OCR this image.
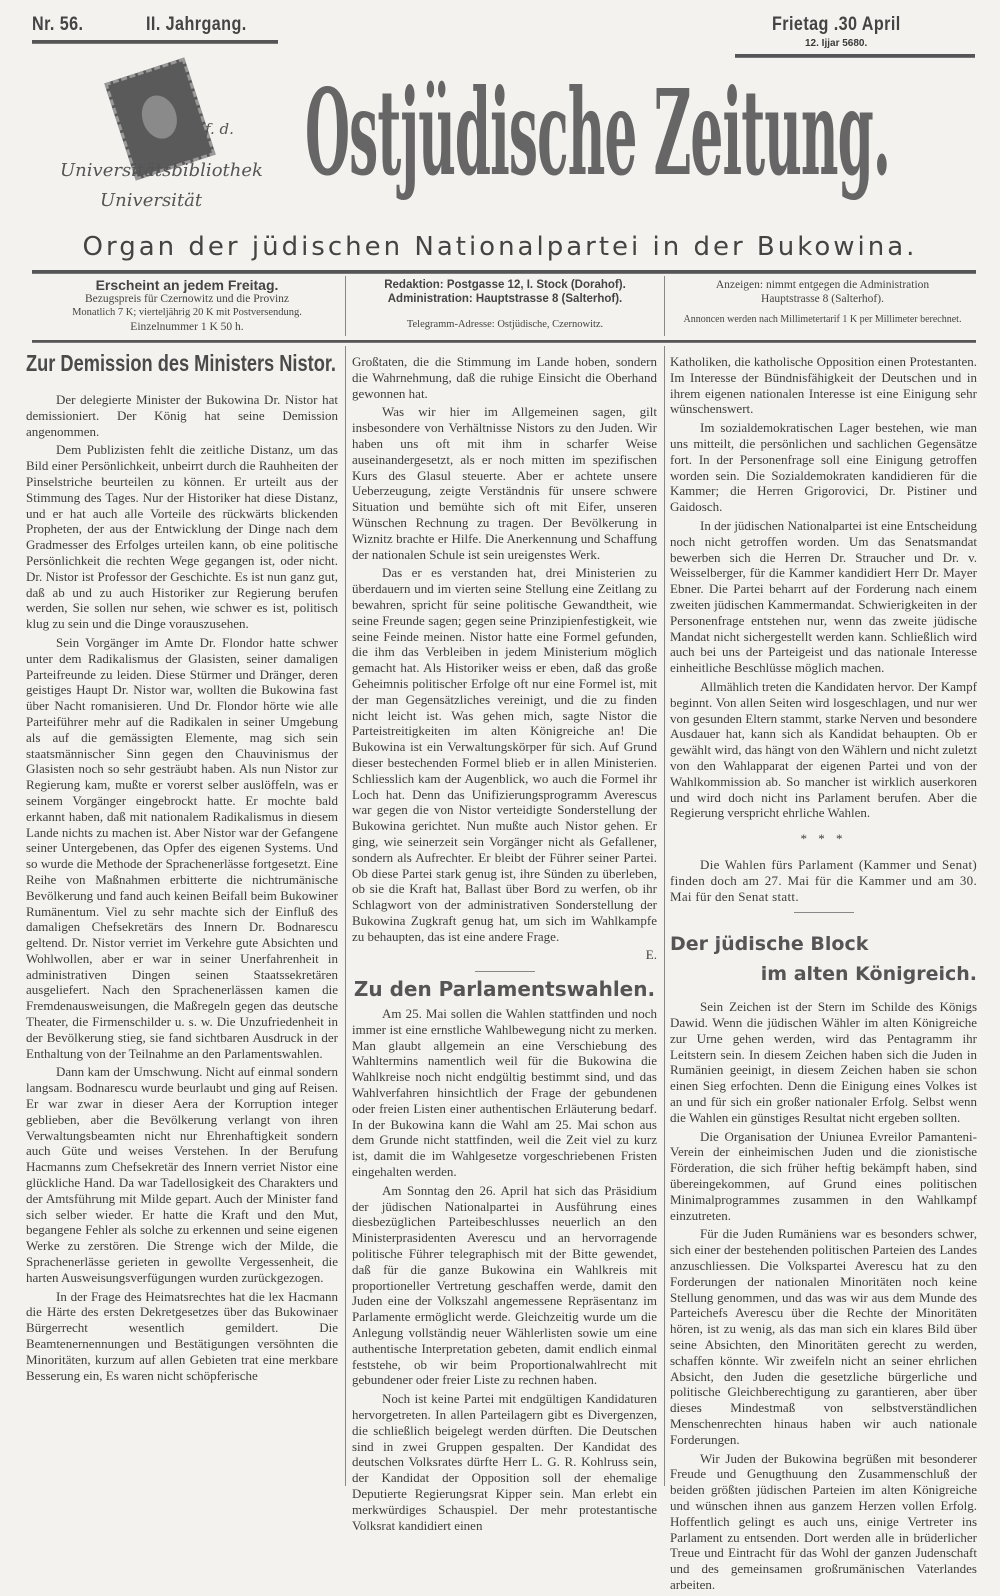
Nr. 56.	II. Jahrgang.	Frietag .30 April
12. Ijjar 5680.
Ostjüdische Zeitung.
f. d.
Universitätsbibliothek
Universität
Organ der jüdischen Nationalpartei in der Bukowina.
Erscheint an jedem Freitag.
Bezugspreis für Czernowitz und die Provinz
Monatlich 7 K; vierteljährig 20 K mit Postversendung.
Einzelnummer 1 K 50 h.
Redaktion: Postgasse 12, I. Stock (Dorahof).
Administration: Hauptstrasse 8 (Salterhof).
Telegramm-Adresse: Ostjüdische, Czernowitz.
Anzeigen: nimmt entgegen die Administration
Hauptstrasse 8 (Salterhof).
Annoncen werden nach Millimetertarif 1 K per Millimeter berechnet.
Zur Demission des Ministers Nistor.

Der delegierte Minister der Bukowina Dr. Nistor hat demissioniert. Der König hat seine Demission angenommen.

Dem Publizisten fehlt die zeitliche Distanz, um das Bild einer Persönlichkeit, unbeirrt durch die Rauhheiten der Pinselstriche beurteilen zu können. Er urteilt aus der Stimmung des Tages. Nur der Historiker hat diese Distanz, und er hat auch alle Vorteile des rückwärts blickenden Propheten, der aus der Entwicklung der Dinge nach dem Gradmesser des Erfolges urteilen kann, ob eine politische Persönlichkeit die rechten Wege gegangen ist, oder nicht. Dr. Nistor ist Professor der Geschichte. Es ist nun ganz gut, daß ab und zu auch Historiker zur Regierung berufen werden, Sie sollen nur sehen, wie schwer es ist, politisch klug zu sein und die Dinge vorauszusehen.

Sein Vorgänger im Amte Dr. Flondor hatte schwer unter dem Radikalismus der Glasisten, seiner damaligen Parteifreunde zu leiden. Diese Stürmer und Dränger, deren geistiges Haupt Dr. Nistor war, wollten die Bukowina fast über Nacht romanisieren. Und Dr. Flondor hörte wie alle Parteiführer mehr auf die Radikalen in seiner Umgebung als auf die gemässigten Elemente, mag sich sein staatsmännischer Sinn gegen den Chauvinismus der Glasisten noch so sehr gesträubt haben. Als nun Nistor zur Regierung kam, mußte er vorerst selber auslöffeln, was er seinem Vorgänger eingebrockt hatte. Er mochte bald erkannt haben, daß mit nationalem Radikalismus in diesem Lande nichts zu machen ist. Aber Nistor war der Gefangene seiner Untergebenen, das Opfer des eigenen Systems. Und so wurde die Methode der Sprachenerlässe fortgesetzt. Eine Reihe von Maßnahmen erbitterte die nichtrumänische Bevölkerung und fand auch keinen Beifall beim Bukowiner Rumänentum. Viel zu sehr machte sich der Einfluß des damaligen Chefsekretärs des Innern Dr. Bodnarescu geltend. Dr. Nistor verriet im Verkehre gute Absichten und Wohlwollen, aber er war in seiner Unerfahrenheit in administrativen Dingen seinen Staatssekretären ausgeliefert. Nach den Sprachenerlässen kamen die Fremdenausweisungen, die Maßregeln gegen das deutsche Theater, die Firmenschilder u. s. w. Die Unzufriedenheit in der Bevölkerung stieg, sie fand sichtbaren Ausdruck in der Enthaltung von der Teilnahme an den Parlamentswahlen.

Dann kam der Umschwung. Nicht auf einmal sondern langsam. Bodnarescu wurde beurlaubt und ging auf Reisen. Er war zwar in dieser Aera der Korruption integer geblieben, aber die Bevölkerung verlangt von ihren Verwaltungsbeamten nicht nur Ehrenhaftigkeit sondern auch Güte und weises Verstehen. In der Berufung Hacmanns zum Chefsekretär des Innern verriet Nistor eine glückliche Hand. Da war Tadellosigkeit des Charakters und der Amtsführung mit Milde gepart. Auch der Minister fand sich selber wieder. Er hatte die Kraft und den Mut, begangene Fehler als solche zu erkennen und seine eigenen Werke zu zerstören. Die Strenge wich der Milde, die Sprachenerlässe gerieten in gewollte Vergessenheit, die harten Ausweisungsverfügungen wurden zurückgezogen.

In der Frage des Heimatsrechtes hat die lex Hacmann die Härte des ersten Dekretgesetzes über das Bukowinaer Bürgerrecht wesentlich gemildert. Die Beamtenernennungen und Bestätigungen versöhnten die Minoritäten, kurzum auf allen Gebieten trat eine merkbare Besserung ein, Es waren nicht schöpferische

Großtaten, die die Stimmung im Lande hoben, sondern die Wahrnehmung, daß die ruhige Einsicht die Oberhand gewonnen hat.

Was wir hier im Allgemeinen sagen, gilt insbesondere von Verhältnisse Nistors zu den Juden. Wir haben uns oft mit ihm in scharfer Weise auseinandergesetzt, als er noch mitten im spezifischen Kurs des Glasul steuerte. Aber er achtete unsere Ueberzeugung, zeigte Verständnis für unsere schwere Situation und bemühte sich oft mit Eifer, unseren Wünschen Rechnung zu tragen. Der Bevölkerung in Wiznitz brachte er Hilfe. Die Anerkennung und Schaffung der nationalen Schule ist sein ureigenstes Werk.

Das er es verstanden hat, drei Ministerien zu überdauern und im vierten seine Stellung eine Zeitlang zu bewahren, spricht für seine politische Gewandtheit, wie seine Freunde sagen; gegen seine Prinzipienfestigkeit, wie seine Feinde meinen. Nistor hatte eine Formel gefunden, die ihm das Verbleiben in jedem Ministerium möglich gemacht hat. Als Historiker weiss er eben, daß das große Geheimnis politischer Erfolge oft nur eine Formel ist, mit der man Gegensätzliches vereinigt, und die zu finden nicht leicht ist. Was gehen mich, sagte Nistor die Parteistreitigkeiten im alten Königreiche an! Die Bukowina ist ein Verwaltungskörper für sich. Auf Grund dieser bestechenden Formel blieb er in allen Ministerien. Schliesslich kam der Augenblick, wo auch die Formel ihr Loch hat. Denn das Unifizierungsprogramm Averescus war gegen die von Nistor verteidigte Sonderstellung der Bukowina gerichtet. Nun mußte auch Nistor gehen. Er ging, wie seinerzeit sein Vorgänger nicht als Gefallener, sondern als Aufrechter. Er bleibt der Führer seiner Partei. Ob diese Partei stark genug ist, ihre Sünden zu überleben, ob sie die Kraft hat, Ballast über Bord zu werfen, ob ihr Schlagwort von der administrativen Sonderstellung der Bukowina Zugkraft genug hat, um sich im Wahlkampfe zu behaupten, das ist eine andere Frage.

E.

Zu den Parlamentswahlen.

Am 25. Mai sollen die Wahlen stattfinden und noch immer ist eine ernstliche Wahlbewegung nicht zu merken. Man glaubt allgemein an eine Verschiebung des Wahltermins namentlich weil für die Bukowina die Wahlkreise noch nicht endgültig bestimmt sind, und das Wahlverfahren hinsichtlich der Frage der gebundenen oder freien Listen einer authentischen Erläuterung bedarf. In der Bukowina kann die Wahl am 25. Mai schon aus dem Grunde nicht stattfinden, weil die Zeit viel zu kurz ist, damit die im Wahlgesetze vorgeschriebenen Fristen eingehalten werden.

Am Sonntag den 26. April hat sich das Präsidium der jüdischen Nationalpartei in Ausführung eines diesbezüglichen Parteibeschlusses neuerlich an den Ministerprasidenten Averescu und an hervorragende politische Führer telegraphisch mit der Bitte gewendet, daß für die ganze Bukowina ein Wahlkreis mit proportioneller Vertretung geschaffen werde, damit den Juden eine der Volkszahl angemessene Repräsentanz im Parlamente ermöglicht werde. Gleichzeitig wurde um die Anlegung vollständig neuer Wählerlisten sowie um eine authentische Interpretation gebeten, damit endlich einmal feststehe, ob wir beim Proportionalwahlrecht mit gebundener oder freier Liste zu rechnen haben.

Noch ist keine Partei mit endgültigen Kandidaturen hervorgetreten. In allen Parteilagern gibt es Divergenzen, die schließlich beigelegt werden dürften. Die Deutschen sind in zwei Gruppen gespalten. Der Kandidat des deutschen Volksrates dürfte Herr L. G. R. Kohlruss sein, der Kandidat der Opposition soll der ehemalige Deputierte Regierungsrat Kipper sein. Man erlebt ein merkwürdiges Schauspiel. Der mehr protestantische Volksrat kandidiert einen

Katholiken, die katholische Opposition einen Protestanten. Im Interesse der Bündnisfähigkeit der Deutschen und in ihrem eigenen nationalen Interesse ist eine Einigung sehr wünschenswert.

Im sozialdemokratischen Lager bestehen, wie man uns mitteilt, die persönlichen und sachlichen Gegensätze fort. In der Personenfrage soll eine Einigung getroffen worden sein. Die Sozialdemokraten kandidieren für die Kammer; die Herren Grigorovici, Dr. Pistiner und Gaidosch.

In der jüdischen Nationalpartei ist eine Entscheidung noch nicht getroffen worden. Um das Senatsmandat bewerben sich die Herren Dr. Straucher und Dr. v. Weisselberger, für die Kammer kandidiert Herr Dr. Mayer Ebner. Die Partei beharrt auf der Forderung nach einem zweiten jüdischen Kammermandat. Schwierigkeiten in der Personenfrage entstehen nur, wenn das zweite jüdische Mandat nicht sichergestellt werden kann. Schließlich wird auch bei uns der Parteigeist und das nationale Interesse einheitliche Beschlüsse möglich machen.

Allmählich treten die Kandidaten hervor. Der Kampf beginnt. Von allen Seiten wird losgeschlagen, und nur wer von gesunden Eltern stammt, starke Nerven und besondere Ausdauer hat, kann sich als Kandidat behaupten. Ob er gewählt wird, das hängt von den Wählern und nicht zuletzt von den Wahlapparat der eigenen Partei und von der Wahlkommission ab. So mancher ist wirklich auserkoren und wird doch nicht ins Parlament berufen. Aber die Regierung verspricht ehrliche Wahlen.

* * *

Die Wahlen fürs Parlament (Kammer und Senat) finden doch am 27. Mai für die Kammer und am 30. Mai für den Senat statt.

Der jüdische Block
im alten Königreich.

Sein Zeichen ist der Stern im Schilde des Königs Dawid. Wenn die jüdischen Wähler im alten Königreiche zur Urne gehen werden, wird das Pentagramm ihr Leitstern sein. In diesem Zeichen haben sich die Juden in Rumänien geeinigt, in diesem Zeichen haben sie schon einen Sieg erfochten. Denn die Einigung eines Volkes ist an und für sich ein großer nationaler Erfolg. Selbst wenn die Wahlen ein günstiges Resultat nicht ergeben sollten.

Die Organisation der Uniunea Evreilor Pamanteni-Verein der einheimischen Juden und die zionistische Förderation, die sich früher heftig bekämpft haben, sind übereingekommen, auf Grund eines politischen Minimalprogrammes zusammen in den Wahlkampf einzutreten.

Für die Juden Rumäniens war es besonders schwer, sich einer der bestehenden politischen Parteien des Landes anzuschliessen. Die Volkspartei Averescu hat zu den Forderungen der nationalen Minoritäten noch keine Stellung genommen, und das was wir aus dem Munde des Parteichefs Averescu über die Rechte der Minoritäten hören, ist zu wenig, als das man sich ein klares Bild über seine Absichten, den Minoritäten gerecht zu werden, schaffen könnte. Wir zweifeln nicht an seiner ehrlichen Absicht, den Juden die gesetzliche bürgerliche und politische Gleichberechtigung zu garantieren, aber über dieses Mindestmaß von selbstverständlichen Menschenrechten hinaus haben wir auch nationale Forderungen.

Wir Juden der Bukowina begrüßen mit besonderer Freude und Genugthuung den Zusammenschluß der beiden größten jüdischen Parteien im alten Königreiche und wünschen ihnen aus ganzem Herzen vollen Erfolg. Hoffentlich gelingt es auch uns, einige Vertreter ins Parlament zu entsenden. Dort werden alle in brüderlicher Treue und Eintracht für das Wohl der ganzen Judenschaft und des gemeinsamen großrumänischen Vaterlandes arbeiten.
